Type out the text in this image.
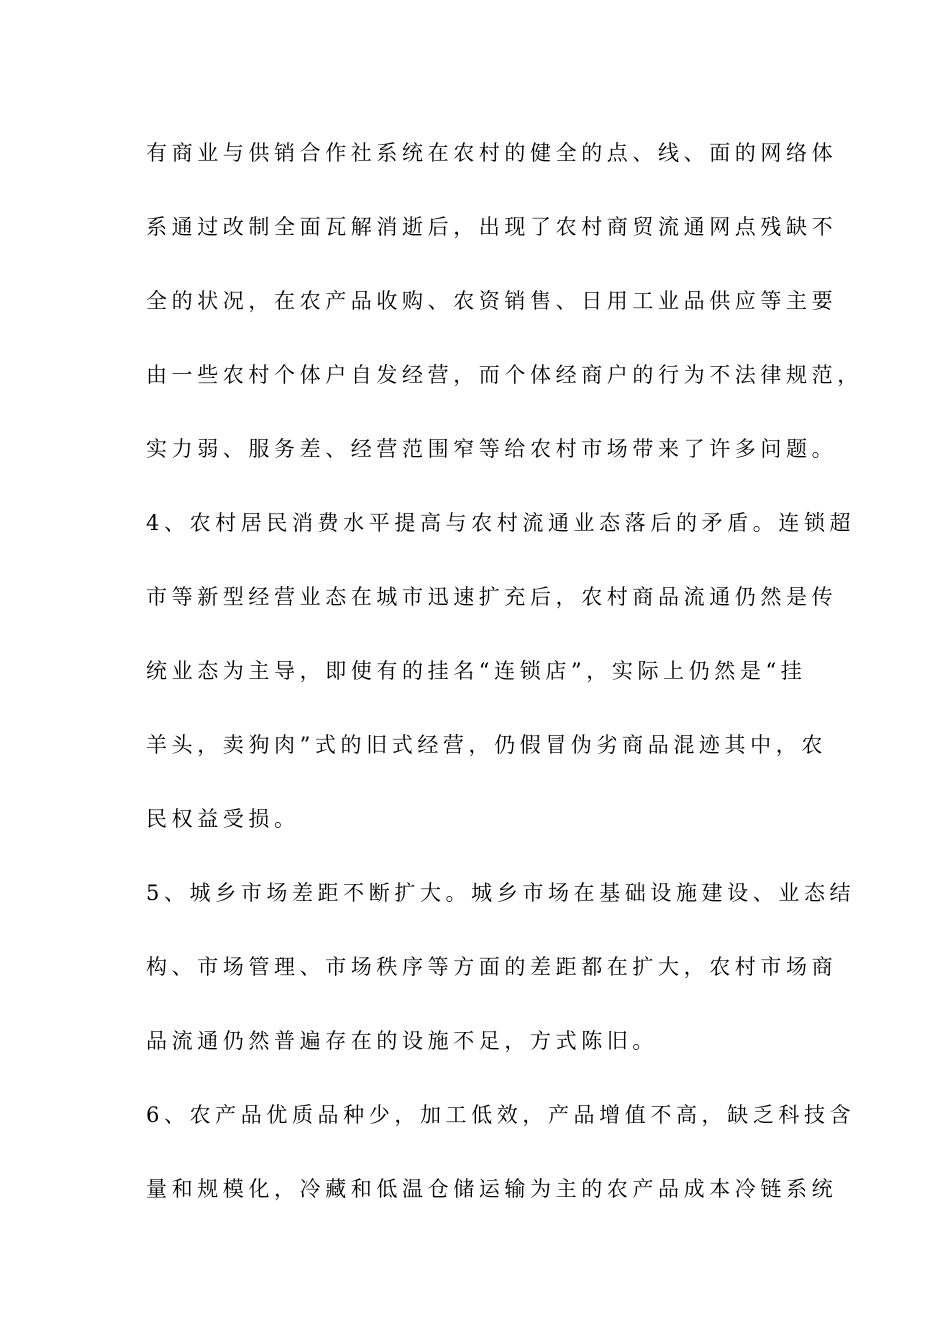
有商业与供销合作社系统在农村的健全的点、线、面的网络体
系通过改制全面瓦解消逝后，出现了农村商贸流通网点残缺不
全的状况，在农产品收购、农资销售、日用工业品供应等主要
由一些农村个体户自发经营，而个体经商户的行为不法律规范，
实力弱、服务差、经营范围窄等给农村市场带来了许多问题。
4、农村居民消费水平提高与农村流通业态落后的矛盾。连锁超
市等新型经营业态在城市迅速扩充后，农村商品流通仍然是传
统业态为主导，即使有的挂名“连锁店”，实际上仍然是“挂
羊头，卖狗肉”式的旧式经营，仍假冒伪劣商品混迹其中，农
民权益受损。
5、城乡市场差距不断扩大。城乡市场在基础设施建设、业态结
构、市场管理、市场秩序等方面的差距都在扩大，农村市场商
品流通仍然普遍存在的设施不足，方式陈旧。
6、农产品优质品种少，加工低效，产品增值不高，缺乏科技含
量和规模化，冷藏和低温仓储运输为主的农产品成本冷链系统
